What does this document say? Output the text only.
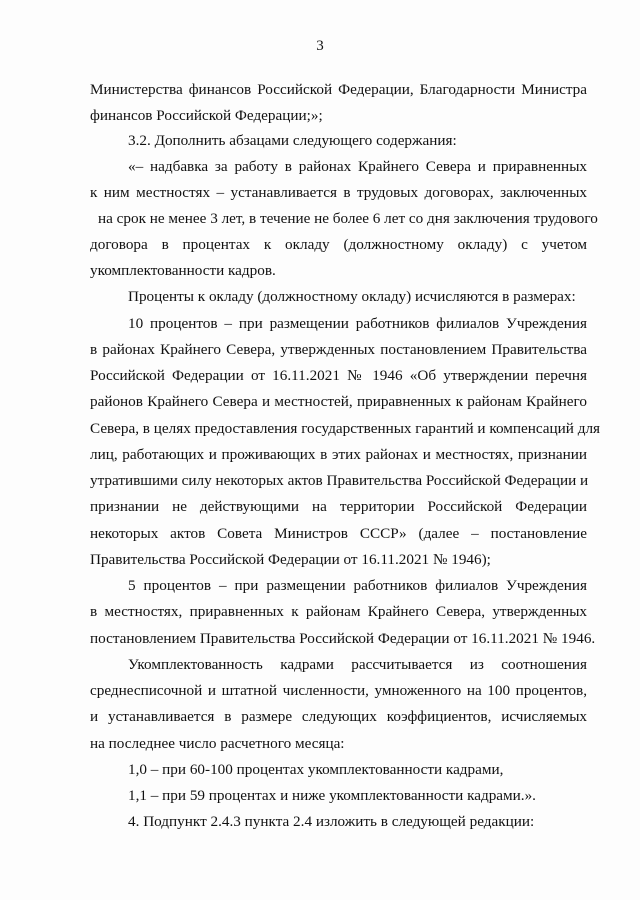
3
Министерства финансов Российской Федерации, Благодарности Министра
финансов Российской Федерации;»;
3.2. Дополнить абзацами следующего содержания:
«– надбавка за работу в районах Крайнего Севера и приравненных
к ним местностях – устанавливается в трудовых договорах, заключенных
на срок не менее 3 лет, в течение не более 6 лет со дня заключения трудового
договора в процентах к окладу (должностному окладу) с учетом
укомплектованности кадров.
Проценты к окладу (должностному окладу) исчисляются в размерах:
10 процентов – при размещении работников филиалов Учреждения
в районах Крайнего Севера, утвержденных постановлением Правительства
Российской Федерации от 16.11.2021 № 1946 «Об утверждении перечня
районов Крайнего Севера и местностей, приравненных к районам Крайнего
Севера, в целях предоставления государственных гарантий и компенсаций для
лиц, работающих и проживающих в этих районах и местностях, признании
утратившими силу некоторых актов Правительства Российской Федерации и
признании не действующими на территории Российской Федерации
некоторых актов Совета Министров СССР» (далее – постановление
Правительства Российской Федерации от 16.11.2021 № 1946);
5 процентов – при размещении работников филиалов Учреждения
в местностях, приравненных к районам Крайнего Севера, утвержденных
постановлением Правительства Российской Федерации от 16.11.2021 № 1946.
Укомплектованность кадрами рассчитывается из соотношения
среднесписочной и штатной численности, умноженного на 100 процентов,
и устанавливается в размере следующих коэффициентов, исчисляемых
на последнее число расчетного месяца:
1,0 – при 60-100 процентах укомплектованности кадрами,
1,1 – при 59 процентах и ниже укомплектованности кадрами.».
4. Подпункт 2.4.3 пункта 2.4 изложить в следующей редакции:
